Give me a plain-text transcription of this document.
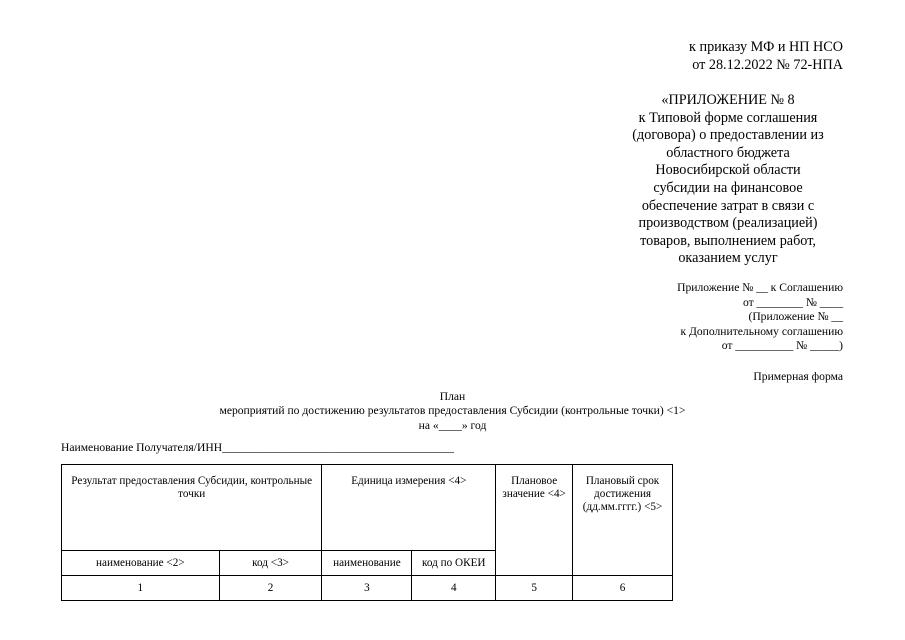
к приказу МФ и НП НСО
от 28.12.2022 № 72-НПА
«ПРИЛОЖЕНИЕ № 8
к Типовой форме соглашения
(договора) о предоставлении из
областного бюджета
Новосибирской области
субсидии на финансовое
обеспечение затрат в связи с
производством (реализацией)
товаров, выполнением работ,
оказанием услуг
Приложение № __ к Соглашению
от ________ № ____
(Приложение № __
к Дополнительному соглашению
от __________ № _____)
Примерная форма
План
мероприятий по достижению результатов предоставления Субсидии (контрольные точки) <1>
на «____» год
Наименование Получателя/ИНН________________________________________
Результат предоставления Субсидии, контрольные точки		Единица измерения <4>		Плановое значение <4>	Плановый срок достижения (дд.мм.гггг.) <5>
наименование <2>	код <3>	наименование	код по ОКЕИ		
1	2	3	4	5	6
